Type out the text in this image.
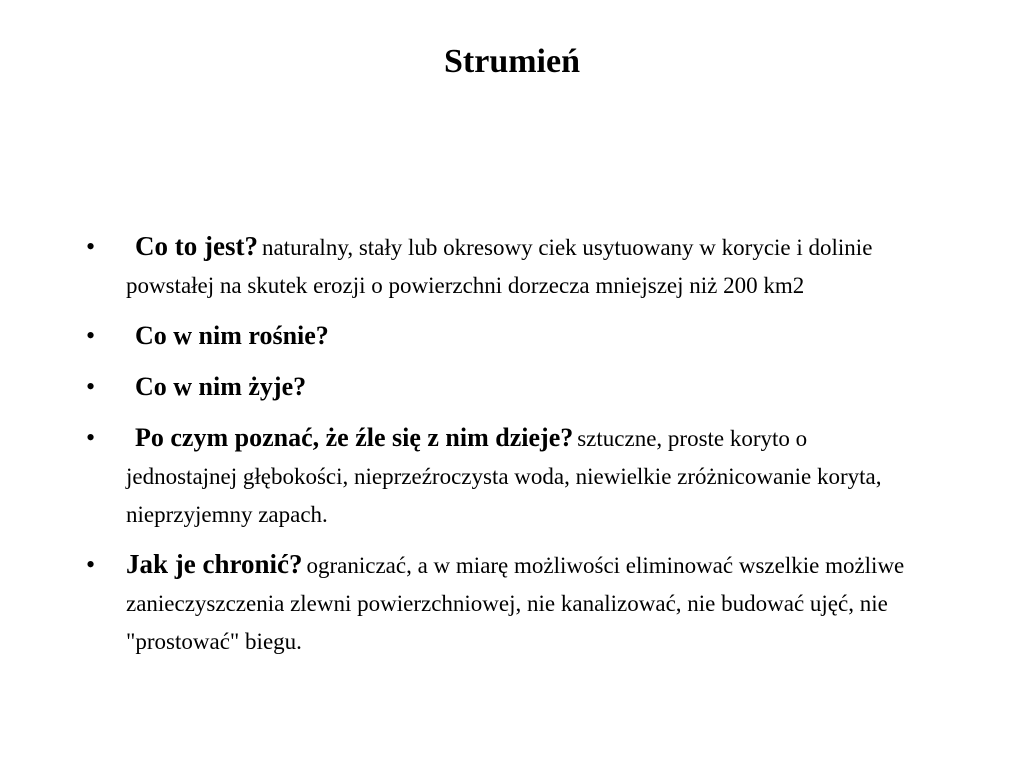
Strumień
• Co to jest? naturalny, stały lub okresowy ciek usytuowany w korycie i dolinie powstałej na skutek erozji o powierzchni dorzecza mniejszej niż 200 km2
• Co w nim rośnie?
• Co w nim żyje?
• Po czym poznać, że źle się z nim dzieje? sztuczne, proste koryto o jednostajnej głębokości, nieprzeźroczysta woda, niewielkie zróżnicowanie koryta, nieprzyjemny zapach.
• Jak je chronić? ograniczać, a w miarę możliwości eliminować wszelkie możliwe zanieczyszczenia zlewni powierzchniowej, nie kanalizować, nie budować ujęć, nie "prostować" biegu.
